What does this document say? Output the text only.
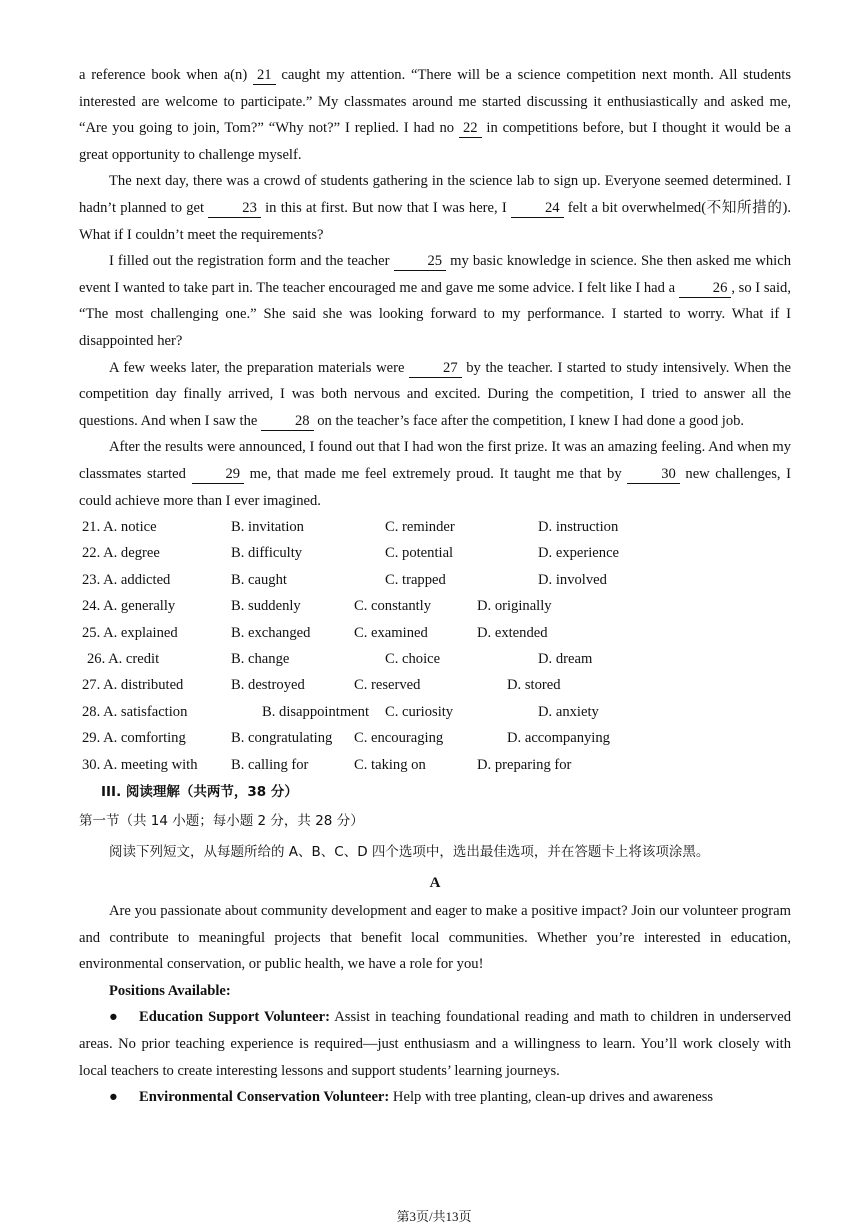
a reference book when a(n) 21 caught my attention. “There will be a science competition next month. All students interested are welcome to participate.” My classmates around me started discussing it enthusiastically and asked me, “Are you going to join, Tom?” “Why not?” I replied. I had no 22 in competitions before, but I thought it would be a great opportunity to challenge myself.

The next day, there was a crowd of students gathering in the science lab to sign up. Everyone seemed determined. I hadn’t planned to get 23 in this at first. But now that I was here, I 24 felt a bit overwhelmed(不知所措的). What if I couldn’t meet the requirements?

I filled out the registration form and the teacher 25 my basic knowledge in science. She then asked me which event I wanted to take part in. The teacher encouraged me and gave me some advice. I felt like I had a 26 , so I said, “The most challenging one.” She said she was looking forward to my performance. I started to worry. What if I disappointed her?

A few weeks later, the preparation materials were 27 by the teacher. I started to study intensively. When the competition day finally arrived, I was both nervous and excited. During the competition, I tried to answer all the questions. And when I saw the 28 on the teacher’s face after the competition, I knew I had done a good job.

After the results were announced, I found out that I had won the first prize. It was an amazing feeling. And when my classmates started 29 me, that made me feel extremely proud. It taught me that by 30 new challenges, I could achieve more than I ever imagined.

21. A. notice	B. invitation	C. reminder	D. instruction
22. A. degree	B. difficulty	C. potential	D. experience
23. A. addicted	B. caught	C. trapped	D. involved
24. A. generally	B. suddenly	C. constantly	D. originally
25. A. explained	B. exchanged	C. examined	D. extended
26. A. credit	B. change	C. choice	D. dream
27. A. distributed	B. destroyed	C. reserved	D. stored
28. A. satisfaction	B. disappointment C. curiosity	D. anxiety
29. A. comforting	B. congratulating C. encouraging	D. accompanying
30. A. meeting with B. calling for	C. taking on	D. preparing for
III. 阅读理解（共两节，38 分）
第一节（共 14 小题；每小题 2 分，共 28 分）
阅读下列短文，从每题所给的 A、B、C、D 四个选项中，选出最佳选项，并在答题卡上将该项涂黑。
A

Are you passionate about community development and eager to make a positive impact? Join our volunteer program and contribute to meaningful projects that benefit local communities. Whether you’re interested in education, environmental conservation, or public health, we have a role for you!

Positions Available:

● Education Support Volunteer: Assist in teaching foundational reading and math to children in underserved areas. No prior teaching experience is required—just enthusiasm and a willingness to learn. You’ll work closely with local teachers to create interesting lessons and support students’ learning journeys.

● Environmental Conservation Volunteer: Help with tree planting, clean-up drives and awareness

第3页/共13页
